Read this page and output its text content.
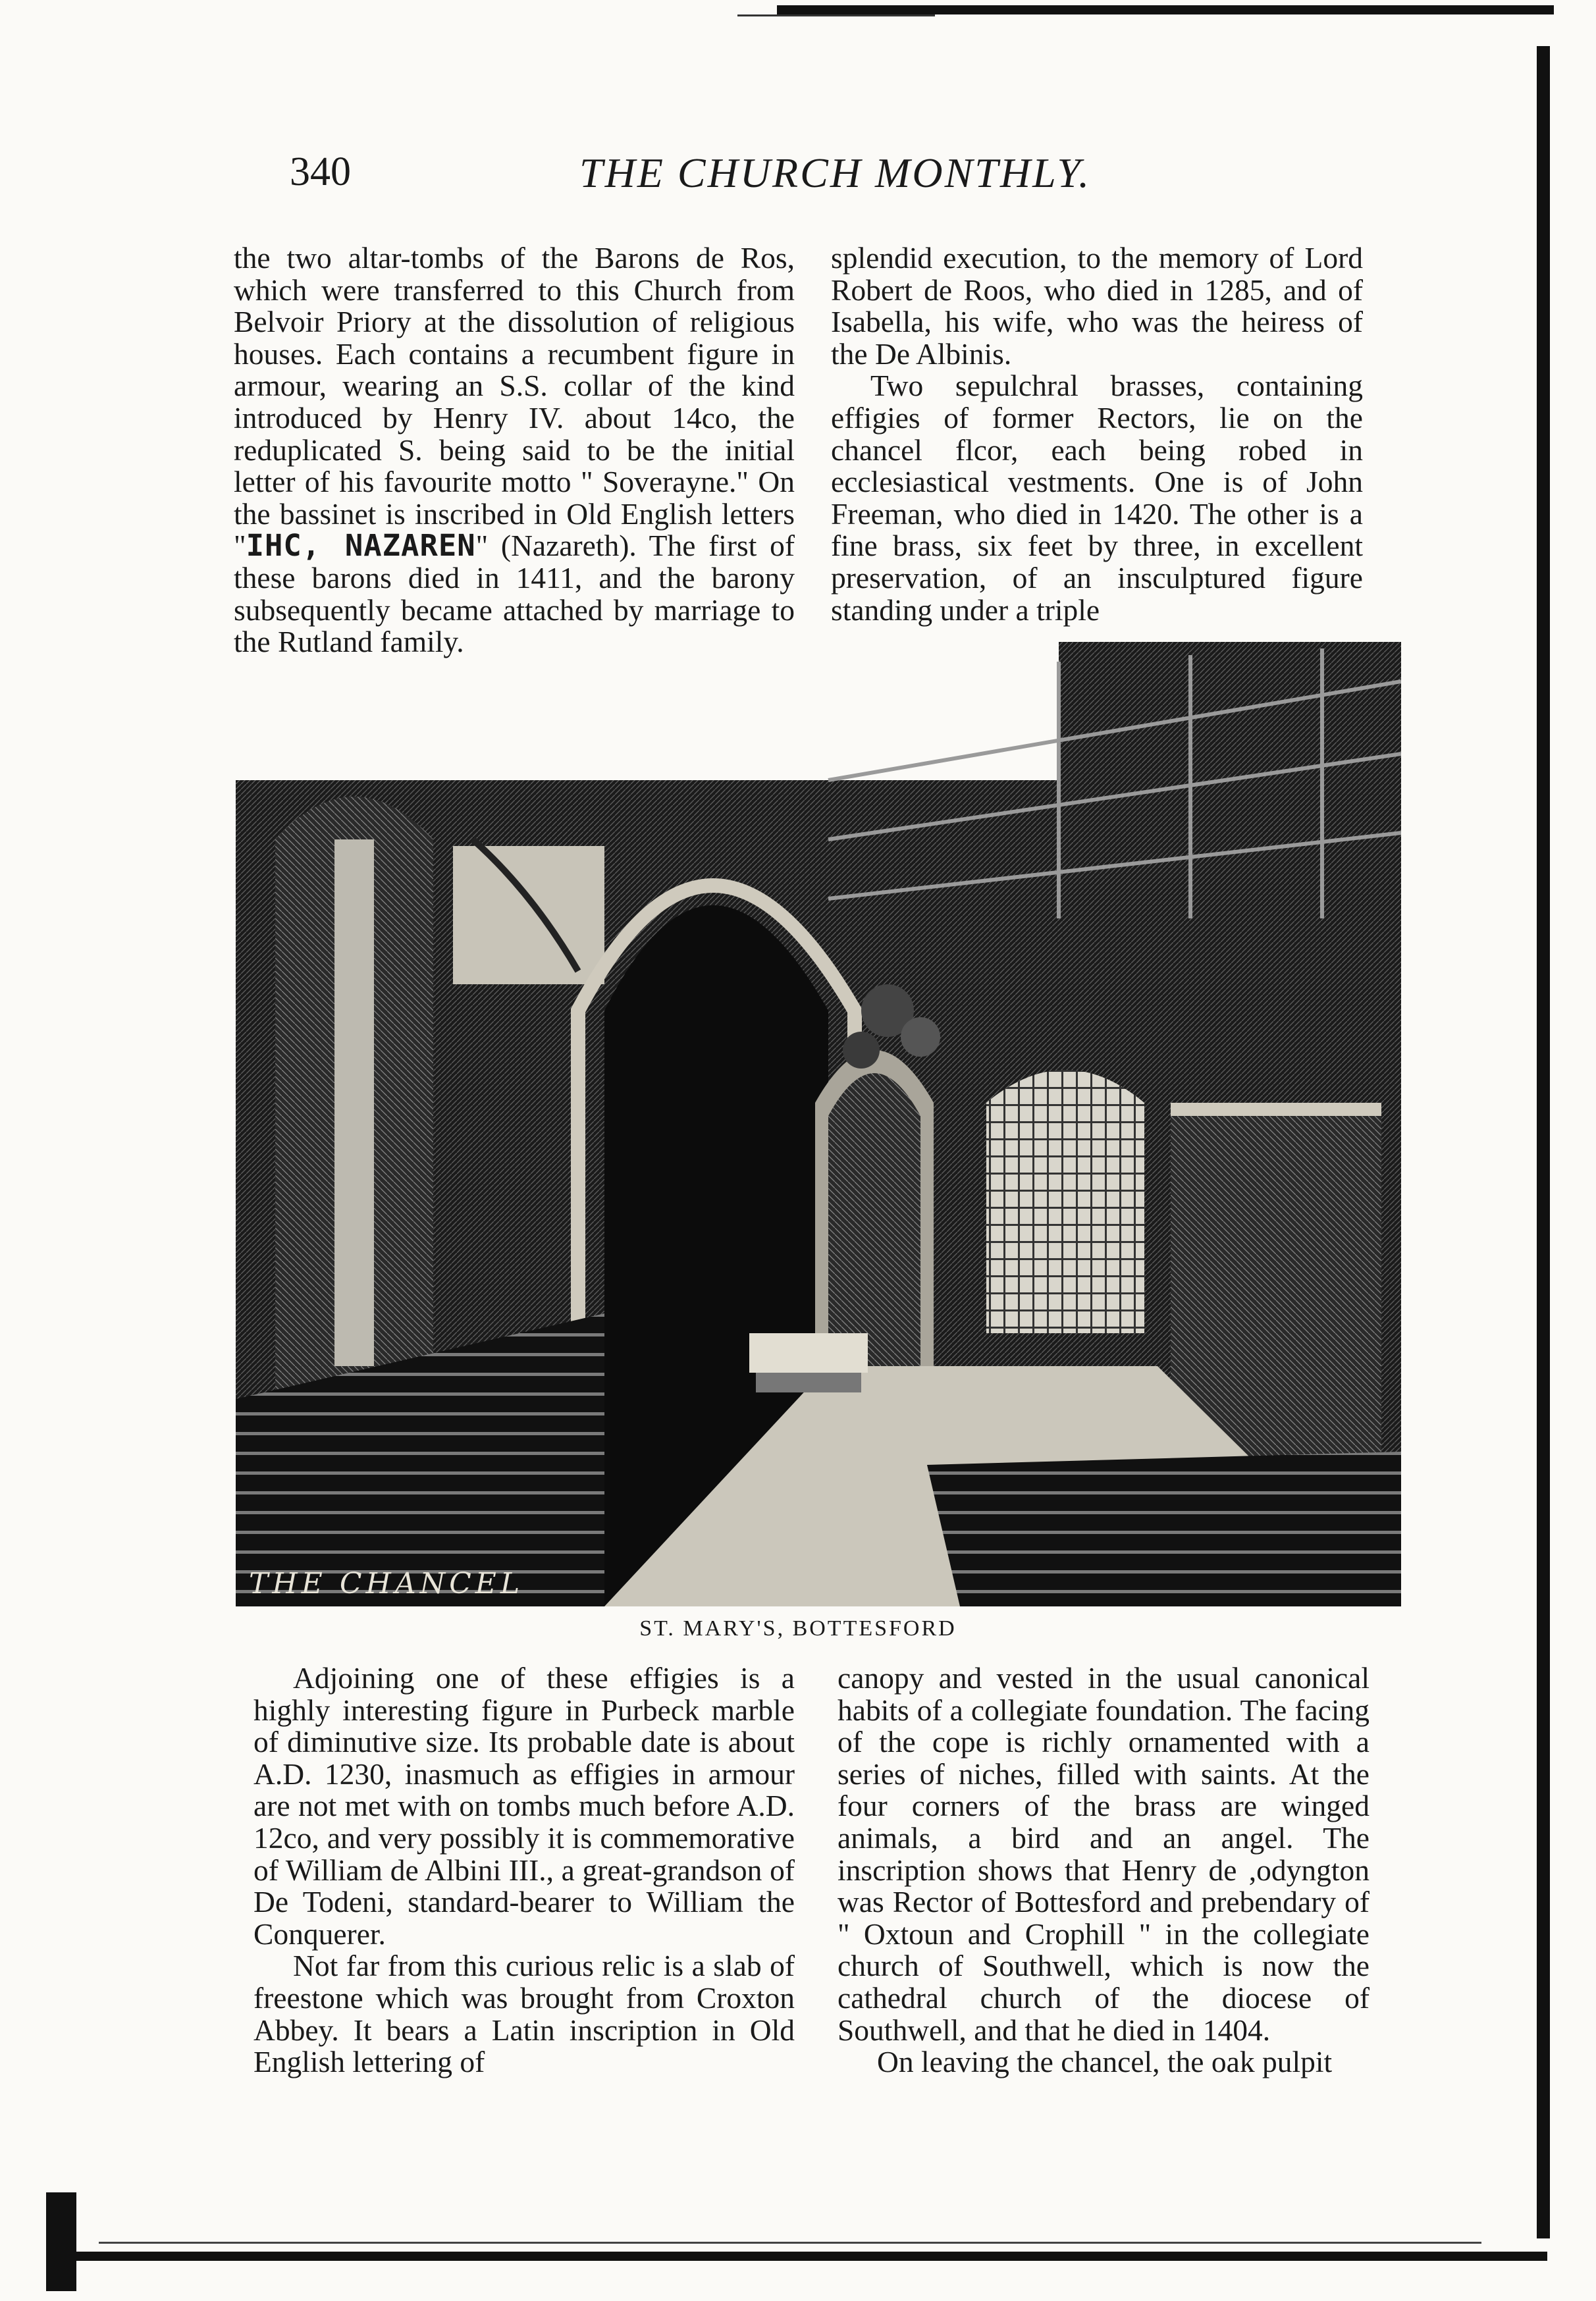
340	THE CHURCH MONTHLY.

the two altar-tombs of the Barons de Ros, which were transferred to this Church from Belvoir Priory at the dissolution of religious houses. Each contains a recumbent figure in armour, wearing an S.S. collar of the kind introduced by Henry IV. about 14co, the reduplicated S. being said to be the initial letter of his favourite motto " Soverayne." On the bassinet is inscribed in Old English letters "IHC, NAZAREN" (Nazareth). The first of these barons died in 1411, and the barony subsequently became attached by marriage to the Rutland family.

splendid execution, to the memory of Lord Robert de Roos, who died in 1285, and of Isabella, his wife, who was the heiress of the De Albinis.

Two sepulchral brasses, containing effigies of former Rectors, lie on the chancel flcor, each being robed in ecclesiastical vestments. One is of John Freeman, who died in 1420. The other is a fine brass, six feet by three, in excellent preservation, of an insculptured figure standing under a triple

THE CHANCEL
ST. MARY'S, BOTTESFORD

Adjoining one of these effigies is a highly interesting figure in Purbeck marble of diminutive size. Its probable date is about A.D. 1230, inasmuch as effigies in armour are not met with on tombs much before A.D. 12co, and very possibly it is commemorative of William de Albini III., a great-grandson of De Todeni, standard-bearer to William the Conquerer.

Not far from this curious relic is a slab of freestone which was brought from Croxton Abbey. It bears a Latin inscription in Old English lettering of

canopy and vested in the usual canonical habits of a collegiate foundation. The facing of the cope is richly ornamented with a series of niches, filled with saints. At the four corners of the brass are winged animals, a bird and an angel. The inscription shows that Henry de ,odyngton was Rector of Bottesford and prebendary of " Oxtoun and Crophill " in the collegiate church of Southwell, which is now the cathedral church of the diocese of Southwell, and that he died in 1404.

On leaving the chancel, the oak pulpit
